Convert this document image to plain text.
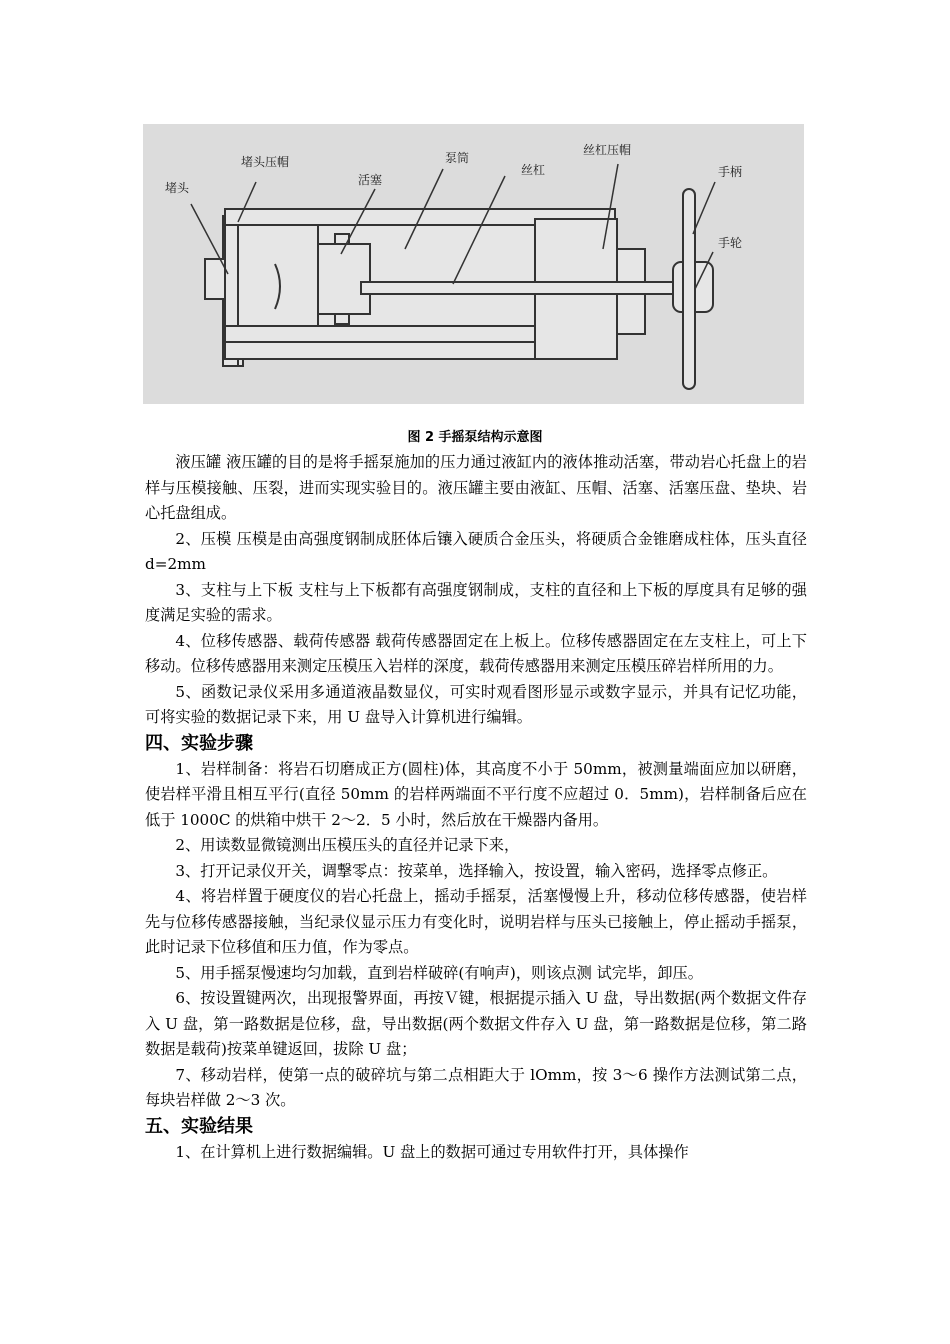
堵头
堵头压帽
活塞
泵筒
丝杠
丝杠压帽
手柄
手轮
图 2 手摇泵结构示意图

液压罐 液压罐的目的是将手摇泵施加的压力通过液缸内的液体推动活塞，带动岩心托盘上的岩样与压模接触、压裂，进而实现实验目的。液压罐主要由液缸、压帽、活塞、活塞压盘、垫块、岩心托盘组成。

2、压模 压模是由高强度钢制成胚体后镶入硬质合金压头，将硬质合金锥磨成柱体，压头直径 d=2mm

3、支柱与上下板 支柱与上下板都有高强度钢制成，支柱的直径和上下板的厚度具有足够的强度满足实验的需求。

4、位移传感器、载荷传感器 载荷传感器固定在上板上。位移传感器固定在左支柱上，可上下移动。位移传感器用来测定压模压入岩样的深度，载荷传感器用来测定压模压碎岩样所用的力。

5、函数记录仪采用多通道液晶数显仪，可实时观看图形显示或数字显示，并具有记忆功能，可将实验的数据记录下来，用 U 盘导入计算机进行编辑。

四、实验步骤

1、岩样制备：将岩石切磨成正方(圆柱)体，其高度不小于 50mm，被测量端面应加以研磨，使岩样平滑且相互平行(直径 50mm 的岩样两端面不平行度不应超过 0．5mm)，岩样制备后应在低于 1000C 的烘箱中烘干 2～2．5 小时，然后放在干燥器内备用。

2、用读数显微镜测出压模压头的直径并记录下来，

3、打开记录仪开关，调撃零点：按菜单，选择输入，按设置，输入密码，选择零点修正。

4、将岩样置于硬度仪的岩心托盘上，摇动手摇泵，活塞慢慢上升，移动位移传感器，使岩样先与位移传感器接触，当纪录仪显示压力有变化时，说明岩样与压头已接触上，停止摇动手摇泵，此时记录下位移值和压力值，作为零点。

5、用手摇泵慢速均匀加载，直到岩样破碎(有响声)，则该点测 试完毕，卸压。

6、按设置键两次，出现报警界面，再按Ｖ键，根据提示插入 U 盘，导出数据(两个数据文件存入 U 盘，第一路数据是位移，盘，导出数据(两个数据文件存入 U 盘，第一路数据是位移，第二路数据是载荷)按菜单键返回，拔除 U 盘；

7、移动岩样，使第一点的破碎坑与第二点相距大于 lOmm，按 3～6 操作方法测试第二点，每块岩样做 2～3 次。

五、实验结果

1、在计算机上进行数据编辑。U 盘上的数据可通过专用软件打开，具体操作
